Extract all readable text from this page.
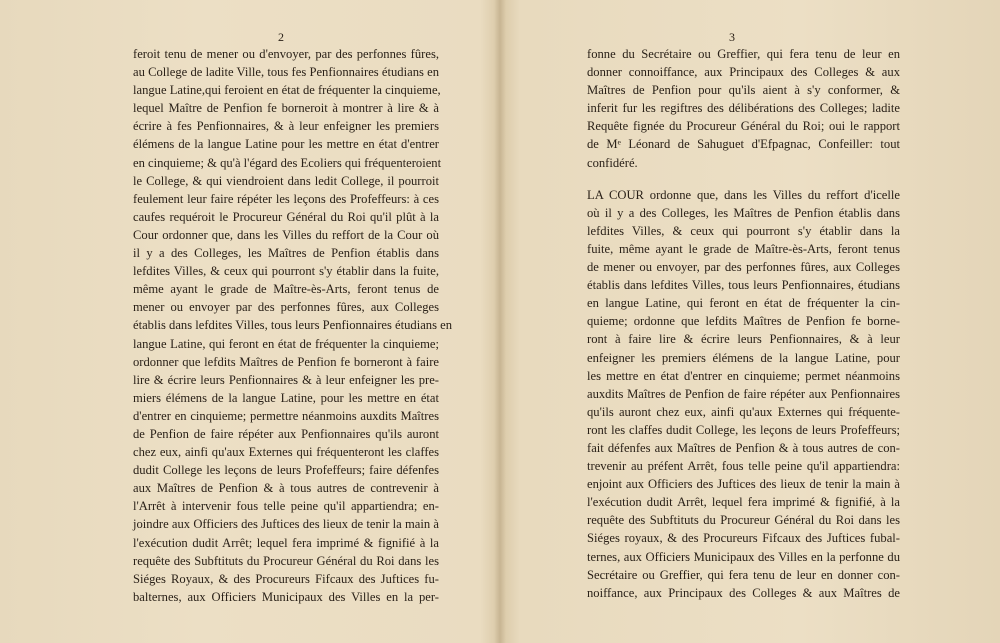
2
feroit tenu de mener ou d'envoyer, par des perfonnes fûres,
au College de ladite Ville, tous fes Penfionnaires étudians en
langue Latine,qui feroient en état de fréquenter la cinquieme,
lequel Maître de Penfion fe borneroit à montrer à lire & à
écrire à fes Penfionnaires, & à leur enfeigner les premiers
élémens de la langue Latine pour les mettre en état d'entrer
en cinquieme; & qu'à l'égard des Ecoliers qui fréquenteroient
le College, & qui viendroient dans ledit College, il pourroit
feulement leur faire répéter les leçons des Profeffeurs: à ces
caufes requéroit le Procureur Général du Roi qu'il plût à la
Cour ordonner que, dans les Villes du reffort de la Cour où
il y a des Colleges, les Maîtres de Penfion établis dans
lefdites Villes, & ceux qui pourront s'y établir dans la fuite,
même ayant le grade de Maître-ès-Arts, feront tenus de
mener ou envoyer par des perfonnes fûres, aux Colleges
établis dans lefdites Villes, tous leurs Penfionnaires étudians en
langue Latine, qui feront en état de fréquenter la cinquieme;
ordonner que lefdits Maîtres de Penfion fe borneront à faire
lire & écrire leurs Penfionnaires & à leur enfeigner les pre-
miers élémens de la langue Latine, pour les mettre en état
d'entrer en cinquieme; permettre néanmoins auxdits Maîtres
de Penfion de faire répéter aux Penfionnaires qu'ils auront
chez eux, ainfi qu'aux Externes qui fréquenteront les claffes
dudit College les leçons de leurs Profeffeurs; faire défenfes
aux Maîtres de Penfion & à tous autres de contrevenir à
l'Arrêt à intervenir fous telle peine qu'il appartiendra; en-
joindre aux Officiers des Juftices des lieux de tenir la main à
l'exécution dudit Arrêt; lequel fera imprimé & fignifié à la
requête des Subftituts du Procureur Général du Roi dans les
Siéges Royaux, & des Procureurs Fifcaux des Juftices fu-
balternes, aux Officiers Municipaux des Villes en la per-
3
fonne du Secrétaire ou Greffier, qui fera tenu de leur en
donner connoiffance, aux Principaux des Colleges & aux
Maîtres de Penfion pour qu'ils aient à s'y conformer, &
inferit fur les regiftres des délibérations des Colleges; ladite
Requête fignée du Procureur Général du Roi; oui le rapport
de Mᵉ Léonard de Sahuguet d'Efpagnac, Confeiller: tout
confidéré.
LA COUR ordonne que, dans les Villes du reffort d'icelle
où il y a des Colleges, les Maîtres de Penfion établis dans
lefdites Villes, & ceux qui pourront s'y établir dans la
fuite, même ayant le grade de Maître-ès-Arts, feront tenus
de mener ou envoyer, par des perfonnes fûres, aux Colleges
établis dans lefdites Villes, tous leurs Penfionnaires, étudians
en langue Latine, qui feront en état de fréquenter la cin-
quieme; ordonne que lefdits Maîtres de Penfion fe borne-
ront à faire lire & écrire leurs Penfionnaires, & à leur
enfeigner les premiers élémens de la langue Latine, pour
les mettre en état d'entrer en cinquieme; permet néanmoins
auxdits Maîtres de Penfion de faire répéter aux Penfionnaires
qu'ils auront chez eux, ainfi qu'aux Externes qui fréquente-
ront les claffes dudit College, les leçons de leurs Profeffeurs;
fait défenfes aux Maîtres de Penfion & à tous autres de con-
trevenir au préfent Arrêt, fous telle peine qu'il appartiendra:
enjoint aux Officiers des Juftices des lieux de tenir la main à
l'exécution dudit Arrêt, lequel fera imprimé & fignifié, à la
requête des Subftituts du Procureur Général du Roi dans les
Siéges royaux, & des Procureurs Fifcaux des Juftices fubal-
ternes, aux Officiers Municipaux des Villes en la perfonne du
Secrétaire ou Greffier, qui fera tenu de leur en donner con-
noiffance, aux Principaux des Colleges & aux Maîtres de
